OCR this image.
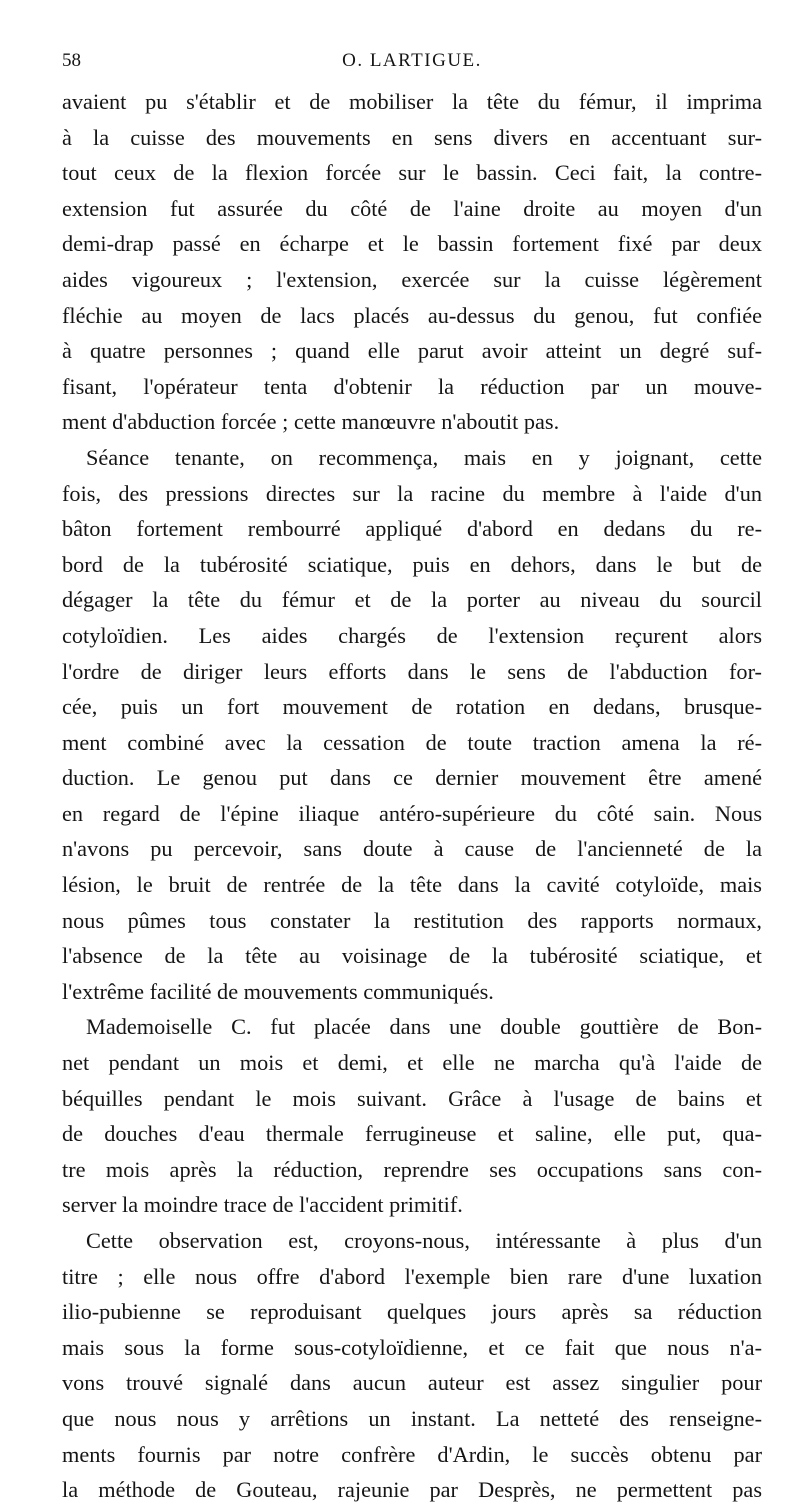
58	O. LARTIGUE.

avaient pu s'établir et de mobiliser la tête du fémur, il imprima
à la cuisse des mouvements en sens divers en accentuant sur-
tout ceux de la flexion forcée sur le bassin. Ceci fait, la contre-
extension fut assurée du côté de l'aine droite au moyen d'un
demi-drap passé en écharpe et le bassin fortement fixé par deux
aides vigoureux ; l'extension, exercée sur la cuisse légèrement
fléchie au moyen de lacs placés au-dessus du genou, fut confiée
à quatre personnes ; quand elle parut avoir atteint un degré suf-
fisant, l'opérateur tenta d'obtenir la réduction par un mouve-
ment d'abduction forcée ; cette manœuvre n'aboutit pas.

Séance tenante, on recommença, mais en y joignant, cette
fois, des pressions directes sur la racine du membre à l'aide d'un
bâton fortement rembourré appliqué d'abord en dedans du re-
bord de la tubérosité sciatique, puis en dehors, dans le but de
dégager la tête du fémur et de la porter au niveau du sourcil
cotyloïdien. Les aides chargés de l'extension reçurent alors
l'ordre de diriger leurs efforts dans le sens de l'abduction for-
cée, puis un fort mouvement de rotation en dedans, brusque-
ment combiné avec la cessation de toute traction amena la ré-
duction. Le genou put dans ce dernier mouvement être amené
en regard de l'épine iliaque antéro-supérieure du côté sain. Nous
n'avons pu percevoir, sans doute à cause de l'ancienneté de la
lésion, le bruit de rentrée de la tête dans la cavité cotyloïde, mais
nous pûmes tous constater la restitution des rapports normaux,
l'absence de la tête au voisinage de la tubérosité sciatique, et
l'extrême facilité de mouvements communiqués.

Mademoiselle C. fut placée dans une double gouttière de Bon-
net pendant un mois et demi, et elle ne marcha qu'à l'aide de
béquilles pendant le mois suivant. Grâce à l'usage de bains et
de douches d'eau thermale ferrugineuse et saline, elle put, qua-
tre mois après la réduction, reprendre ses occupations sans con-
server la moindre trace de l'accident primitif.

Cette observation est, croyons-nous, intéressante à plus d'un
titre ; elle nous offre d'abord l'exemple bien rare d'une luxation
ilio-pubienne se reproduisant quelques jours après sa réduction
mais sous la forme sous-cotyloïdienne, et ce fait que nous n'a-
vons trouvé signalé dans aucun auteur est assez singulier pour
que nous nous y arrêtions un instant. La netteté des renseigne-
ments fournis par notre confrère d'Ardin, le succès obtenu par
la méthode de Gouteau, rajeunie par Desprès, ne permettent pas
